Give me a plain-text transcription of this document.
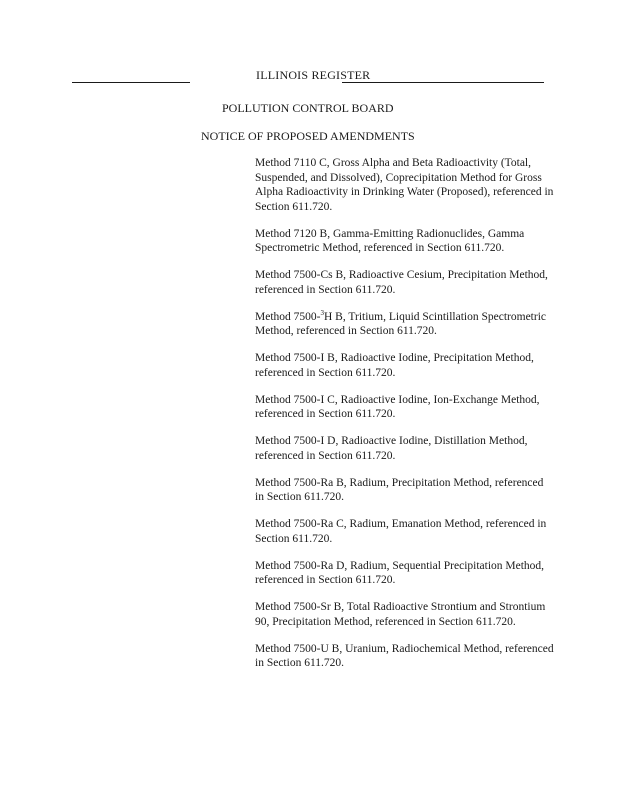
ILLINOIS REGISTER
POLLUTION CONTROL BOARD
NOTICE OF PROPOSED AMENDMENTS
Method 7110 C, Gross Alpha and Beta Radioactivity (Total, Suspended, and Dissolved), Coprecipitation Method for Gross Alpha Radioactivity in Drinking Water (Proposed), referenced in Section 611.720.
Method 7120 B, Gamma-Emitting Radionuclides, Gamma Spectrometric Method, referenced in Section 611.720.
Method 7500-Cs B, Radioactive Cesium, Precipitation Method, referenced in Section 611.720.
Method 7500-$^3$H B, Tritium, Liquid Scintillation Spectrometric Method, referenced in Section 611.720.
Method 7500-I B, Radioactive Iodine, Precipitation Method, referenced in Section 611.720.
Method 7500-I C, Radioactive Iodine, Ion-Exchange Method, referenced in Section 611.720.
Method 7500-I D, Radioactive Iodine, Distillation Method, referenced in Section 611.720.
Method 7500-Ra B, Radium, Precipitation Method, referenced in Section 611.720.
Method 7500-Ra C, Radium, Emanation Method, referenced in Section 611.720.
Method 7500-Ra D, Radium, Sequential Precipitation Method, referenced in Section 611.720.
Method 7500-Sr B, Total Radioactive Strontium and Strontium 90, Precipitation Method, referenced in Section 611.720.
Method 7500-U B, Uranium, Radiochemical Method, referenced in Section 611.720.
